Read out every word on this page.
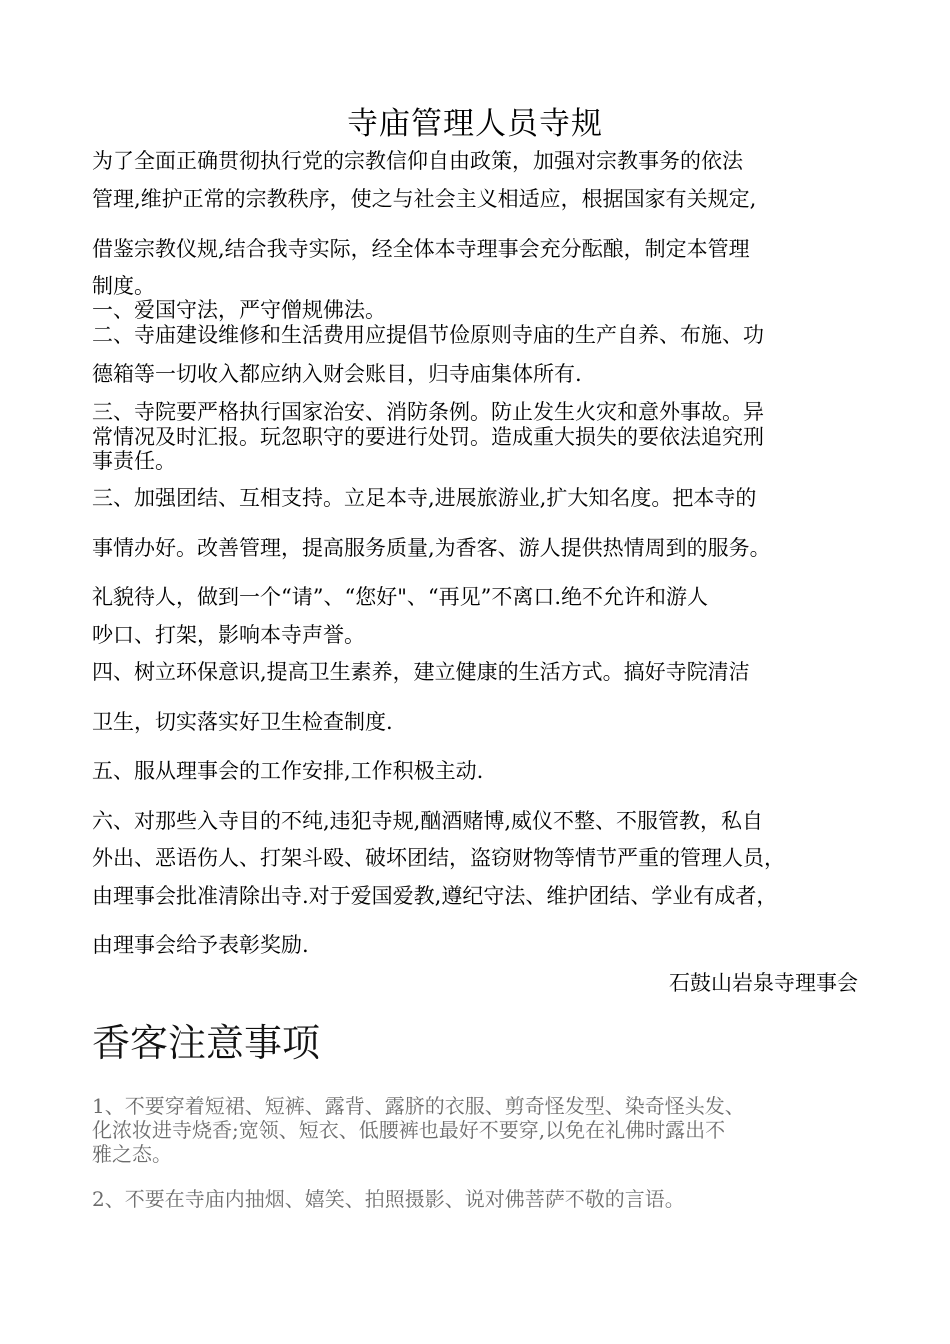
寺庙管理人员寺规
为了全面正确贯彻执行党的宗教信仰自由政策，加强对宗教事务的依法
管理,维护正常的宗教秩序，使之与社会主义相适应，根据国家有关规定,
借鉴宗教仪规,结合我寺实际，经全体本寺理事会充分酝酿，制定本管理
制度。
一、爱国守法，严守僧规佛法。
二、寺庙建设维修和生活费用应提倡节俭原则寺庙的生产自养、布施、功
德箱等一切收入都应纳入财会账目，归寺庙集体所有.
三、寺院要严格执行国家治安、消防条例。防止发生火灾和意外事故。异
常情况及时汇报。玩忽职守的要进行处罚。造成重大损失的要依法追究刑
事责任。
三、加强团结、互相支持。立足本寺,进展旅游业,扩大知名度。把本寺的
事情办好。改善管理，提高服务质量,为香客、游人提供热情周到的服务。
礼貌待人，做到一个“请”、“您好"、“再见”不离口.绝不允许和游人
吵口、打架，影响本寺声誉。
四、树立环保意识,提高卫生素养，建立健康的生活方式。搞好寺院清洁
卫生，切实落实好卫生检查制度.
五、服从理事会的工作安排,工作积极主动.
六、对那些入寺目的不纯,违犯寺规,酗酒赌博,威仪不整、不服管教，私自
外出、恶语伤人、打架斗殴、破坏团结，盗窃财物等情节严重的管理人员，
由理事会批准清除出寺.对于爱国爱教,遵纪守法、维护团结、学业有成者，
由理事会给予表彰奖励.
石鼓山岩泉寺理事会
香客注意事项
1、不要穿着短裙、短裤、露背、露脐的衣服、剪奇怪发型、染奇怪头发、
化浓妆进寺烧香;宽领、短衣、低腰裤也最好不要穿,以免在礼佛时露出不
雅之态。
2、不要在寺庙内抽烟、嬉笑、拍照摄影、说对佛菩萨不敬的言语。
